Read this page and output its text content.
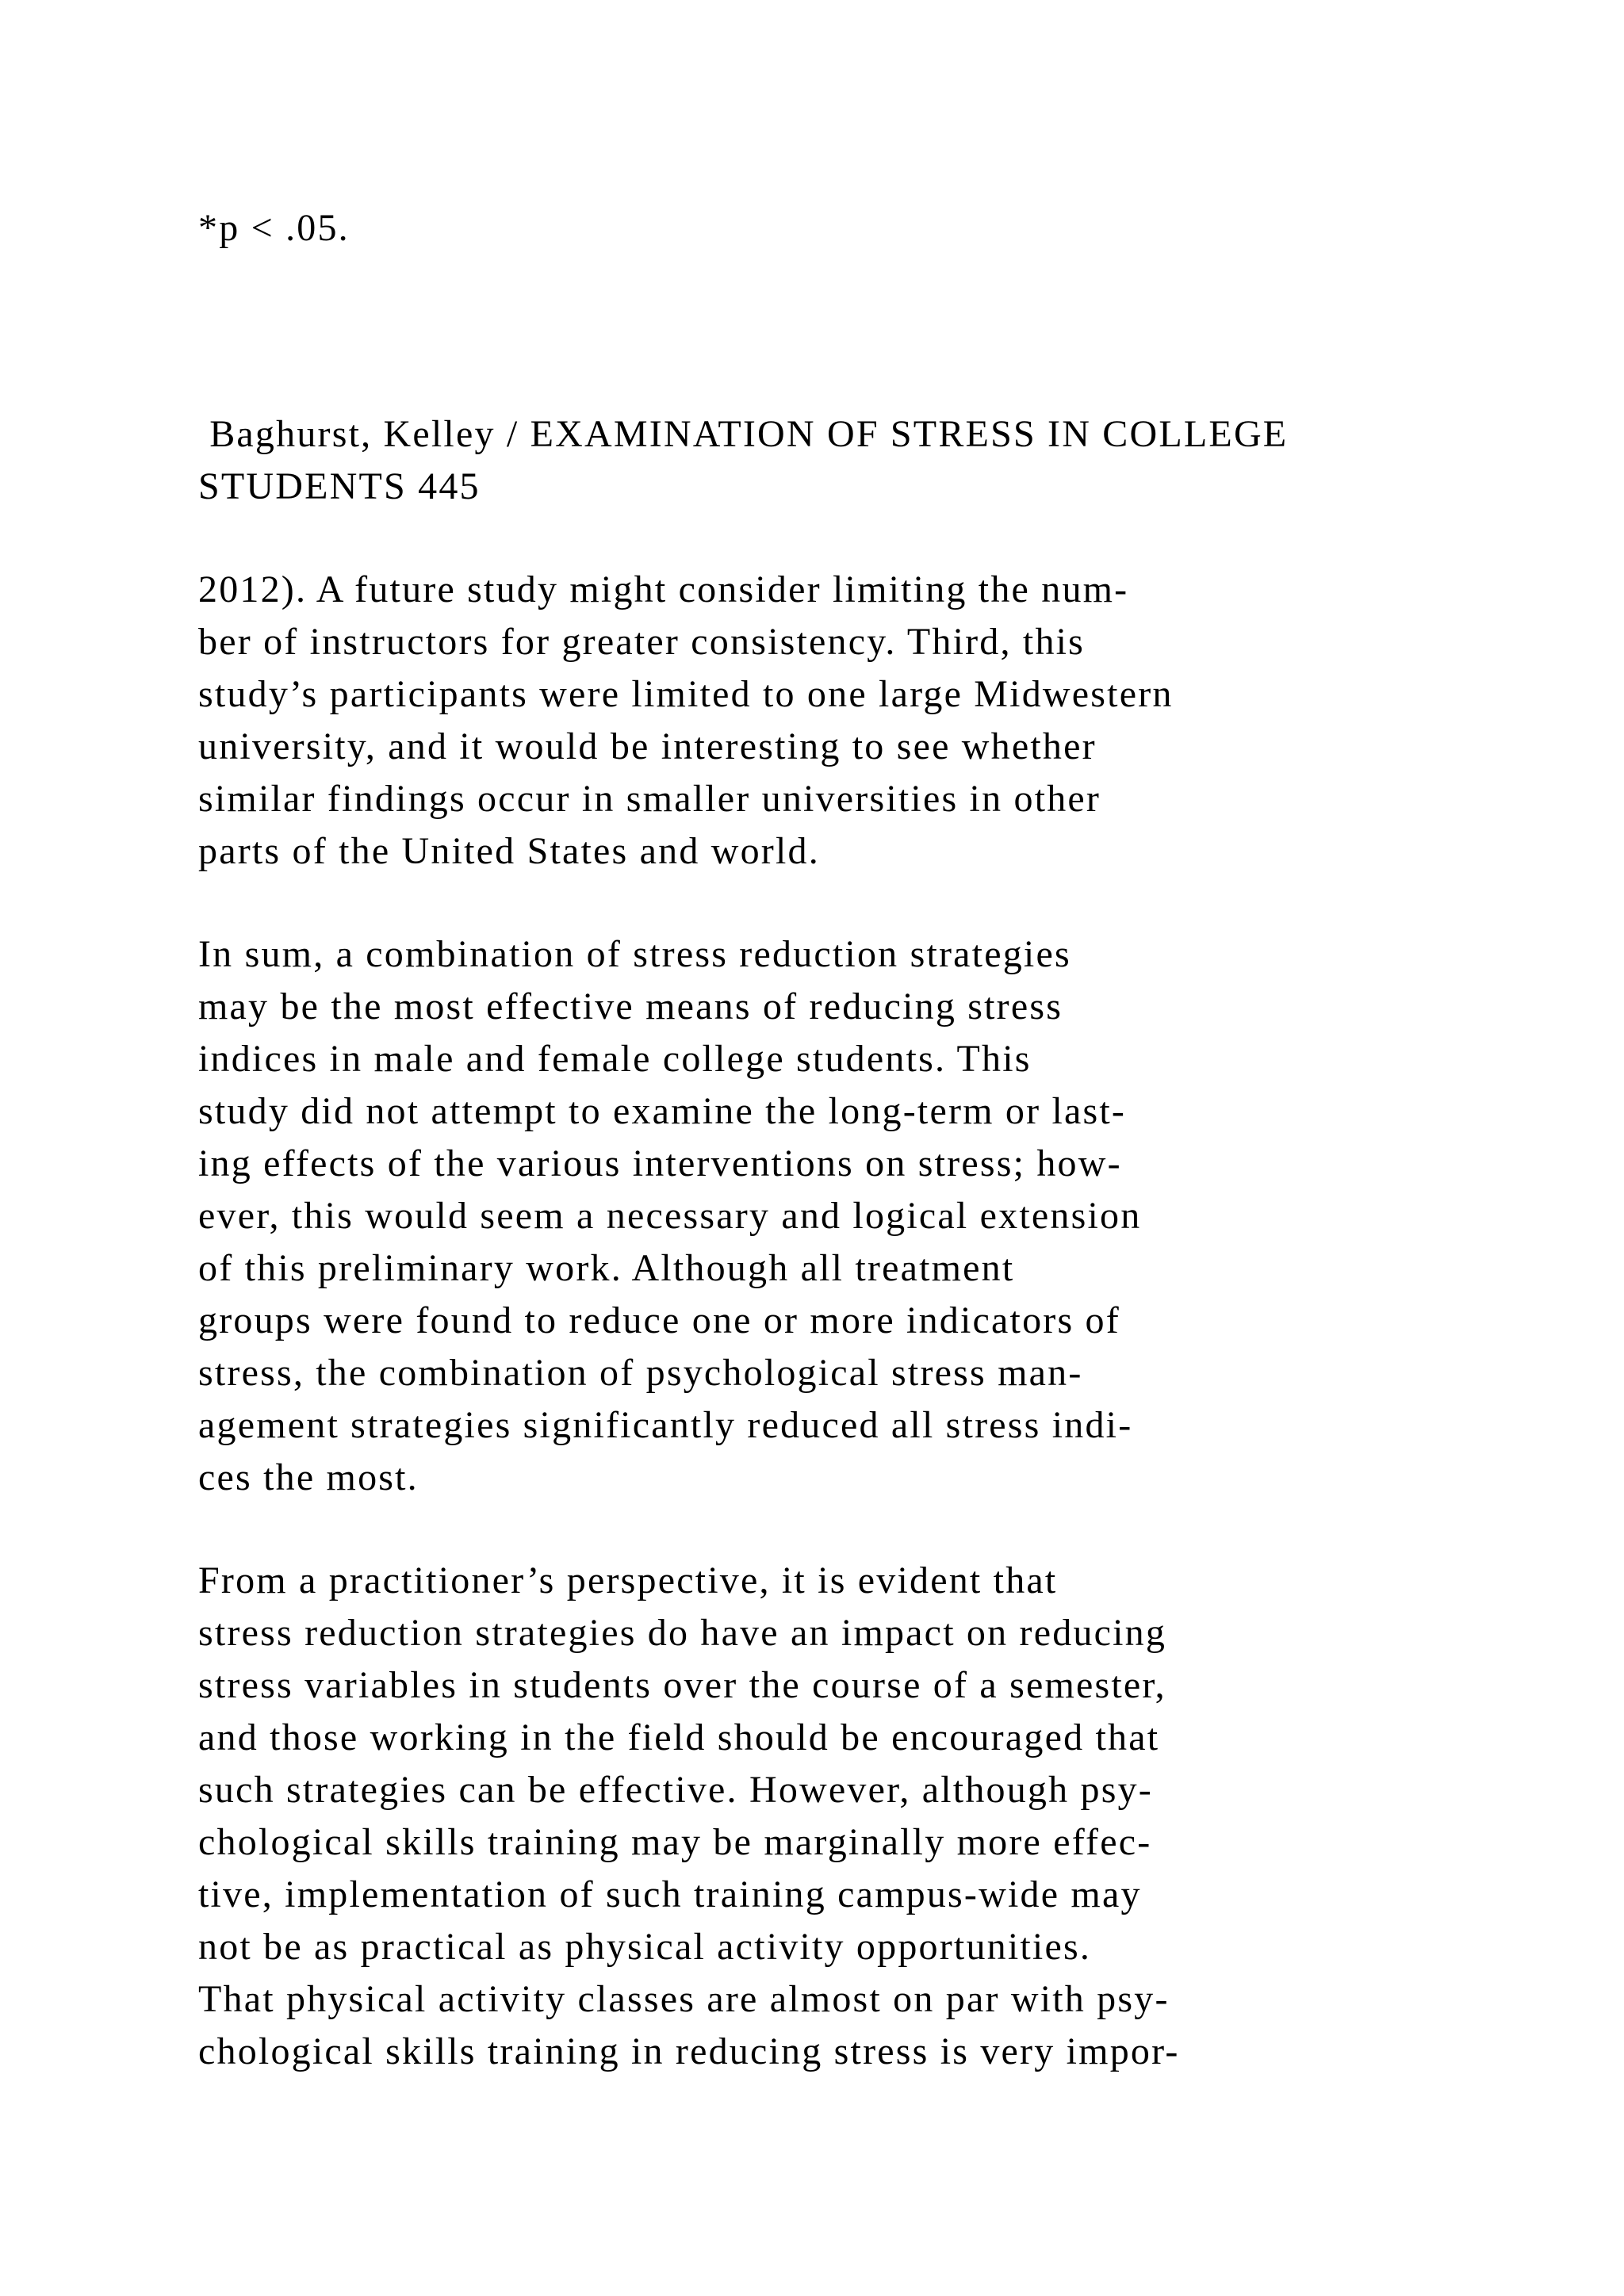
*p < .05.
Baghurst, Kelley / EXAMINATION OF STRESS IN COLLEGE
STUDENTS 445
2012). A future study might consider limiting the num-
ber of instructors for greater consistency. Third, this
study’s participants were limited to one large Midwestern
university, and it would be interesting to see whether
similar findings occur in smaller universities in other
parts of the United States and world.
In sum, a combination of stress reduction strategies
may be the most effective means of reducing stress
indices in male and female college students. This
study did not attempt to examine the long-term or last-
ing effects of the various interventions on stress; how-
ever, this would seem a necessary and logical extension
of this preliminary work. Although all treatment
groups were found to reduce one or more indicators of
stress, the combination of psychological stress man-
agement strategies significantly reduced all stress indi-
ces the most.
From a practitioner’s perspective, it is evident that
stress reduction strategies do have an impact on reducing
stress variables in students over the course of a semester,
and those working in the field should be encouraged that
such strategies can be effective. However, although psy-
chological skills training may be marginally more effec-
tive, implementation of such training campus-wide may
not be as practical as physical activity opportunities.
That physical activity classes are almost on par with psy-
chological skills training in reducing stress is very impor-
